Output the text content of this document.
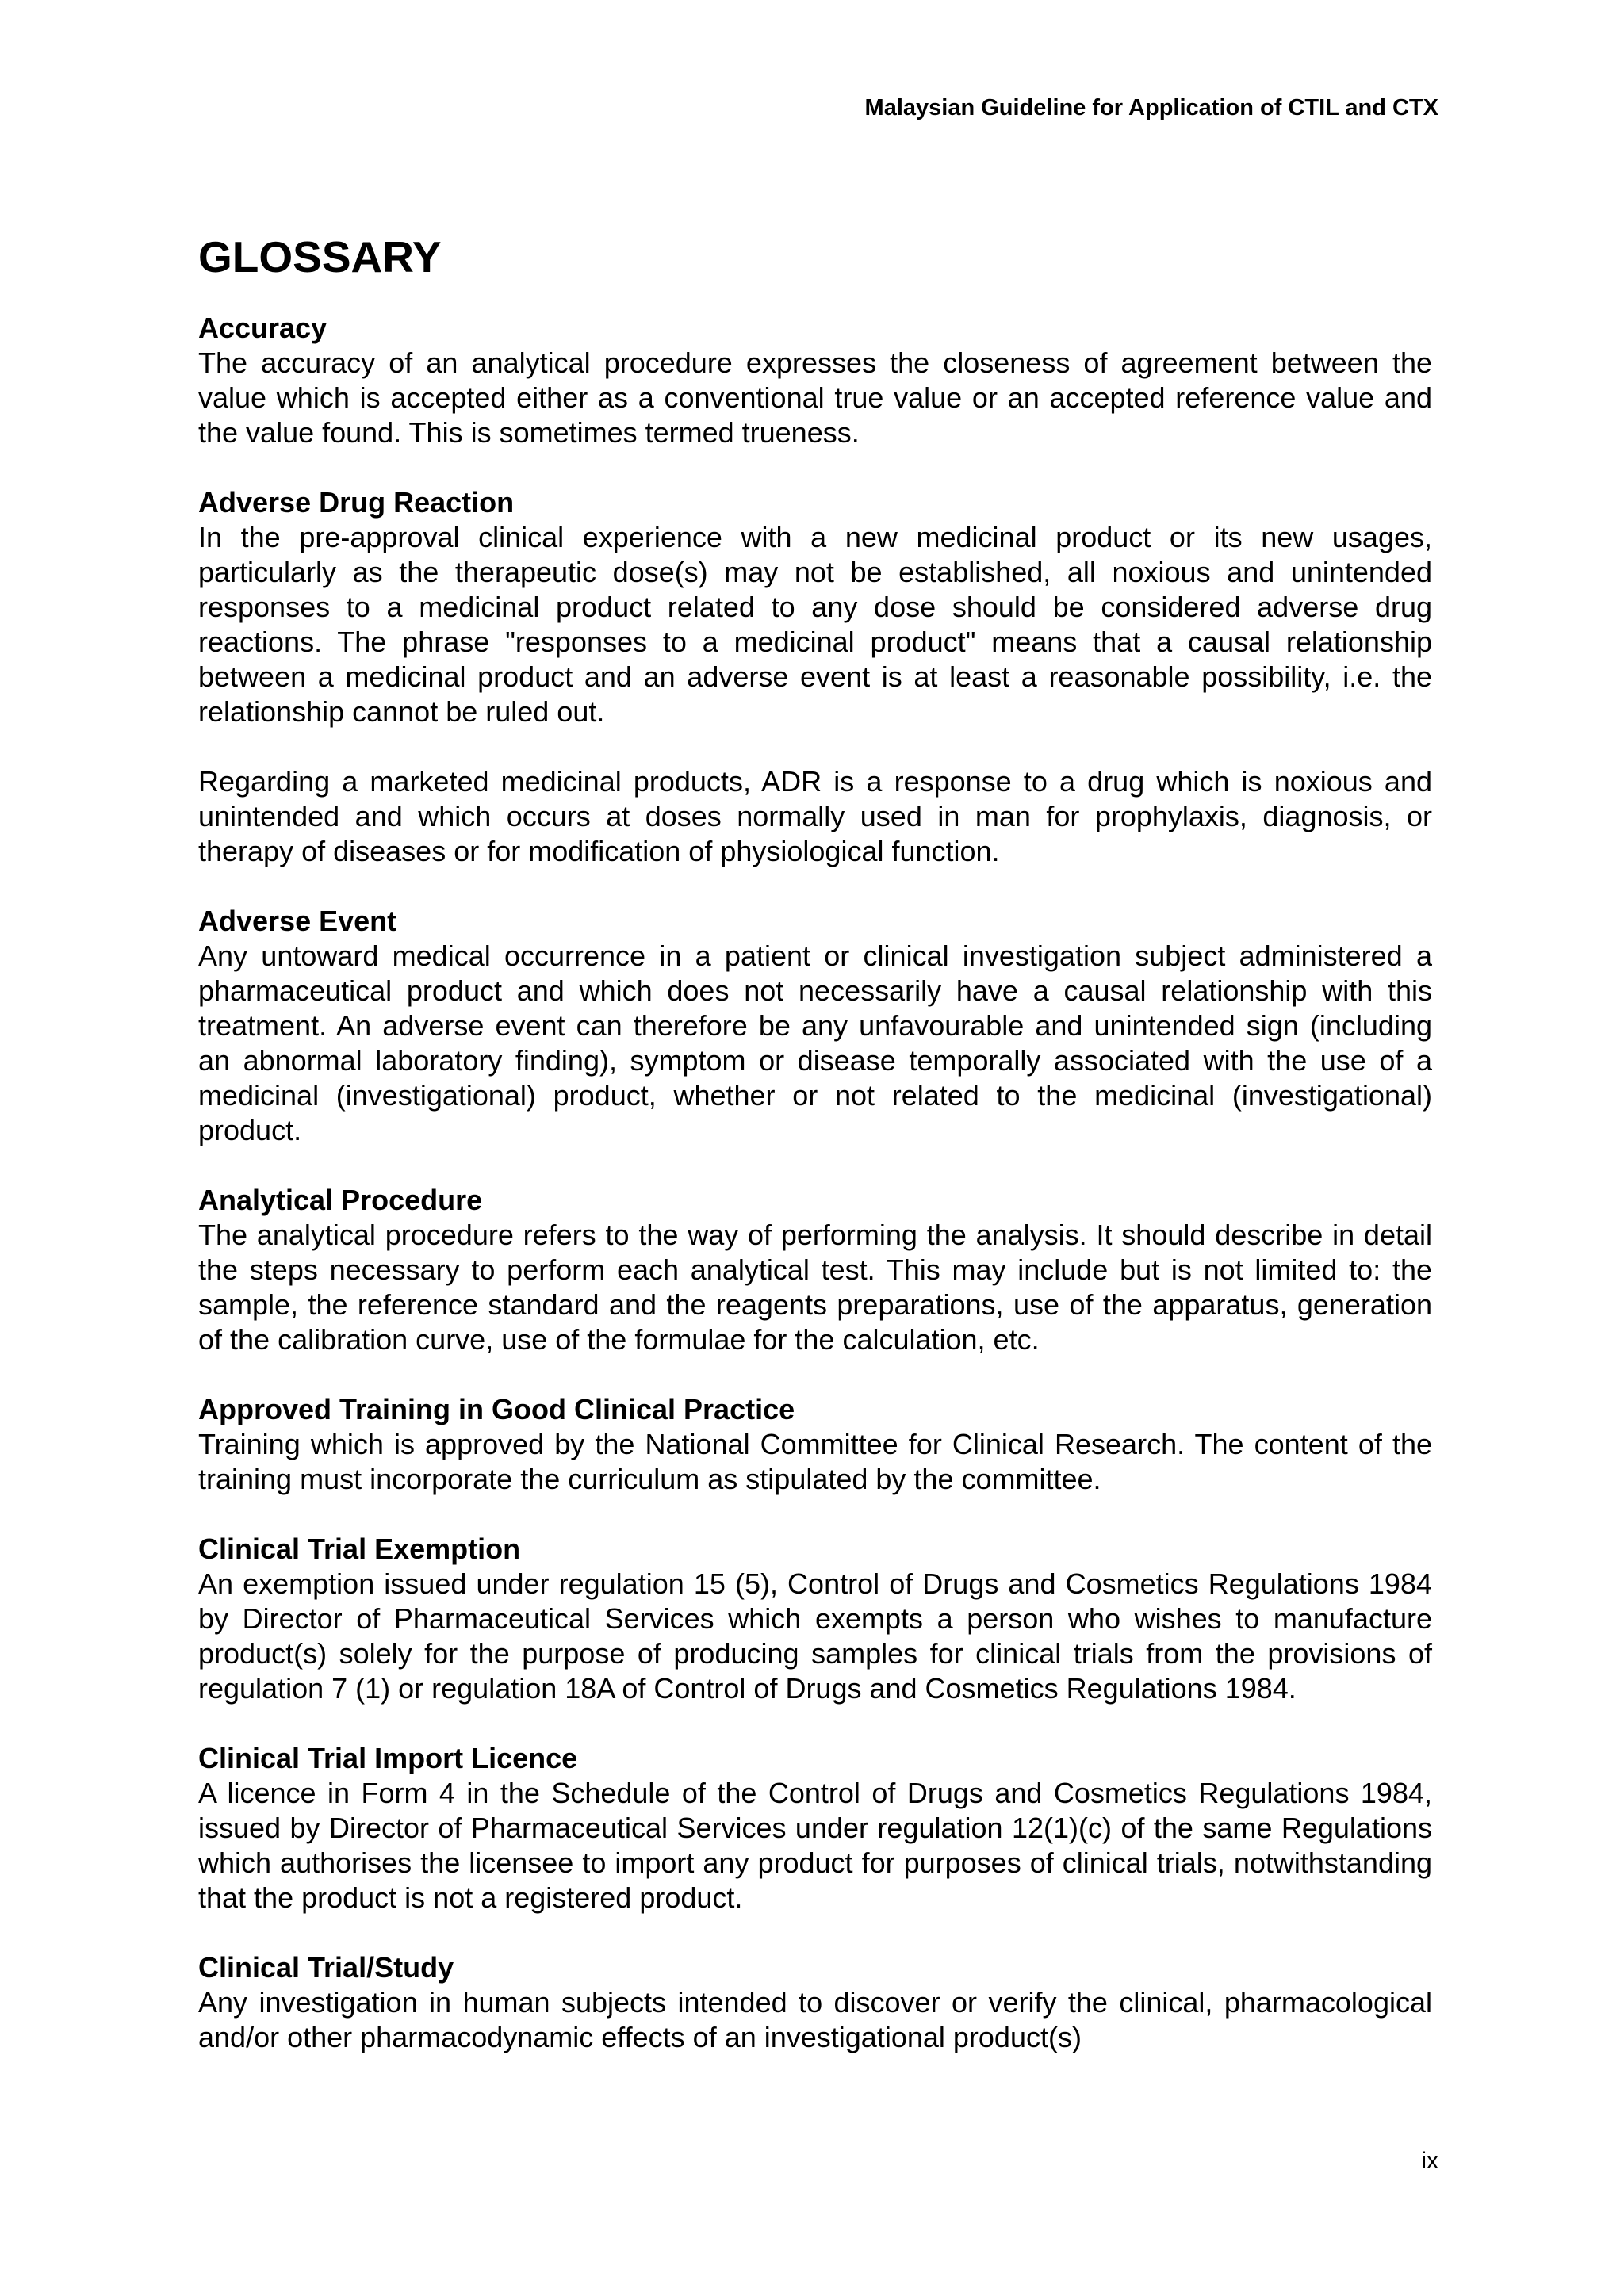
Malaysian Guideline for Application of CTIL and CTX
GLOSSARY

Accuracy

The accuracy of an analytical procedure expresses the closeness of agreement between the value which is accepted either as a conventional true value or an accepted reference value and the value found. This is sometimes termed trueness.

Adverse Drug Reaction

In the pre-approval clinical experience with a new medicinal product or its new usages, particularly as the therapeutic dose(s) may not be established, all noxious and unintended responses to a medicinal product related to any dose should be considered adverse drug reactions. The phrase "responses to a medicinal product" means that a causal relationship between a medicinal product and an adverse event is at least a reasonable possibility, i.e. the relationship cannot be ruled out.

Regarding a marketed medicinal products, ADR is a response to a drug which is noxious and unintended and which occurs at doses normally used in man for prophylaxis, diagnosis, or therapy of diseases or for modification of physiological function.

Adverse Event

Any untoward medical occurrence in a patient or clinical investigation subject administered a pharmaceutical product and which does not necessarily have a causal relationship with this treatment. An adverse event can therefore be any unfavourable and unintended sign (including an abnormal laboratory finding), symptom or disease temporally associated with the use of a medicinal (investigational) product, whether or not related to the medicinal (investigational) product.

Analytical Procedure

The analytical procedure refers to the way of performing the analysis. It should describe in detail the steps necessary to perform each analytical test. This may include but is not limited to: the sample, the reference standard and the reagents preparations, use of the apparatus, generation of the calibration curve, use of the formulae for the calculation, etc.

Approved Training in Good Clinical Practice

Training which is approved by the National Committee for Clinical Research. The content of the training must incorporate the curriculum as stipulated by the committee.

Clinical Trial Exemption

An exemption issued under regulation 15 (5), Control of Drugs and Cosmetics Regulations 1984 by Director of Pharmaceutical Services which exempts a person who wishes to manufacture product(s) solely for the purpose of producing samples for clinical trials from the provisions of regulation 7 (1) or regulation 18A of Control of Drugs and Cosmetics Regulations 1984.

Clinical Trial Import Licence

A licence in Form 4 in the Schedule of the Control of Drugs and Cosmetics Regulations 1984, issued by Director of Pharmaceutical Services under regulation 12(1)(c) of the same Regulations which authorises the licensee to import any product for purposes of clinical trials, notwithstanding that the product is not a registered product.

Clinical Trial/Study

Any investigation in human subjects intended to discover or verify the clinical, pharmacological and/or other pharmacodynamic effects of an investigational product(s)

ix
